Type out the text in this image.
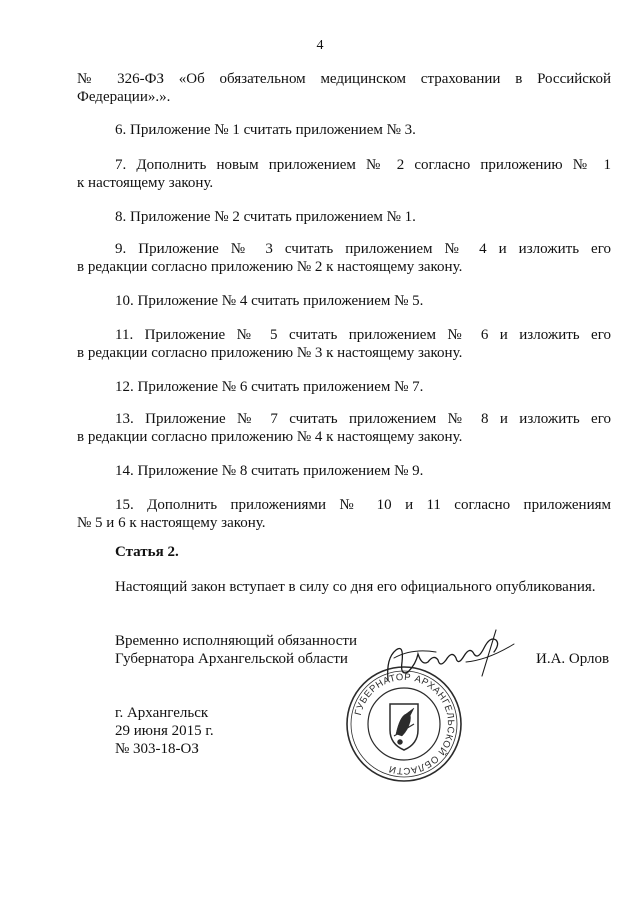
4
№ 326-ФЗ «Об обязательном медицинском страховании в Российской
Федерации».».
6. Приложение № 1 считать приложением № 3.
7. Дополнить новым приложением № 2 согласно приложению № 1
к настоящему закону.
8. Приложение № 2 считать приложением № 1.
9. Приложение № 3 считать приложением № 4 и изложить его
в редакции согласно приложению № 2 к настоящему закону.
10. Приложение № 4 считать приложением № 5.
11. Приложение № 5 считать приложением № 6 и изложить его
в редакции согласно приложению № 3 к настоящему закону.
12. Приложение № 6 считать приложением № 7.
13. Приложение № 7 считать приложением № 8 и изложить его
в редакции согласно приложению № 4 к настоящему закону.
14. Приложение № 8 считать приложением № 9.
15. Дополнить приложениями № 10 и 11 согласно приложениям
№ 5 и 6 к настоящему закону.
Статья 2.
Настоящий закон вступает в силу со дня его официального опубликования.
Временно исполняющий обязанности
Губернатора Архангельской области	И.А. Орлов
г. Архангельск
29 июня 2015 г.
№ 303-18-ОЗ
ГУБЕРНАТОР АРХАНГЕЛЬСКОЙ ОБЛАСТИ
